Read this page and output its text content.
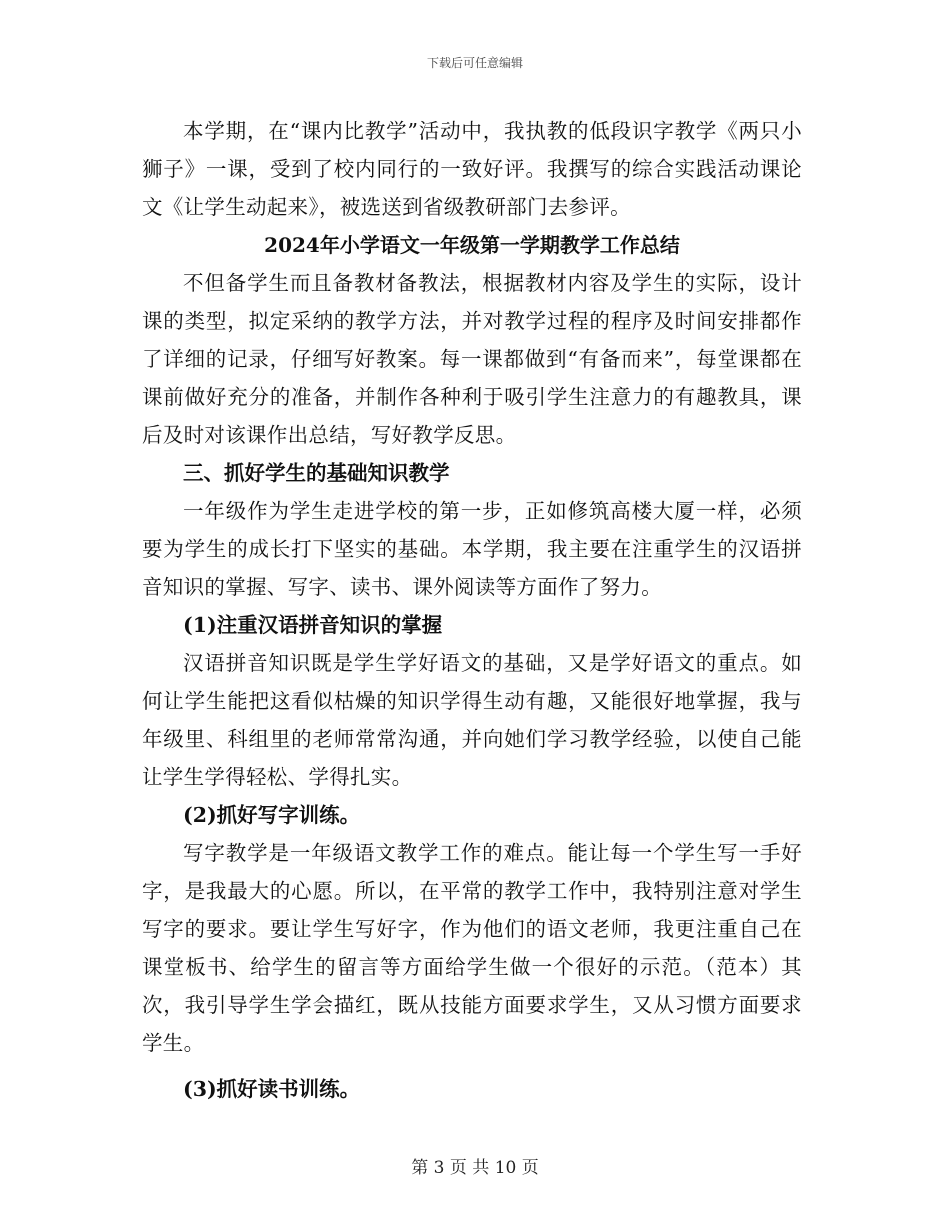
下载后可任意编辑

本学期，在“课内比教学”活动中，我执教的低段识字教学《两只小狮子》一课，受到了校内同行的一致好评。我撰写的综合实践活动课论文《让学生动起来》，被选送到省级教研部门去参评。

2024年小学语文一年级第一学期教学工作总结

不但备学生而且备教材备教法，根据教材内容及学生的实际，设计课的类型，拟定采纳的教学方法，并对教学过程的程序及时间安排都作了详细的记录，仔细写好教案。每一课都做到“有备而来”，每堂课都在课前做好充分的准备，并制作各种利于吸引学生注意力的有趣教具，课后及时对该课作出总结，写好教学反思。

三、抓好学生的基础知识教学

一年级作为学生走进学校的第一步，正如修筑高楼大厦一样，必须要为学生的成长打下坚实的基础。本学期，我主要在注重学生的汉语拼音知识的掌握、写字、读书、课外阅读等方面作了努力。

(1)注重汉语拼音知识的掌握

汉语拼音知识既是学生学好语文的基础，又是学好语文的重点。如何让学生能把这看似枯燥的知识学得生动有趣，又能很好地掌握，我与年级里、科组里的老师常常沟通，并向她们学习教学经验，以使自己能让学生学得轻松、学得扎实。

(2)抓好写字训练。

写字教学是一年级语文教学工作的难点。能让每一个学生写一手好字，是我最大的心愿。所以，在平常的教学工作中，我特别注意对学生写字的要求。要让学生写好字，作为他们的语文老师，我更注重自己在课堂板书、给学生的留言等方面给学生做一个很好的示范。（范本）其次，我引导学生学会描红，既从技能方面要求学生，又从习惯方面要求学生。

(3)抓好读书训练。

第 3 页 共 10 页
